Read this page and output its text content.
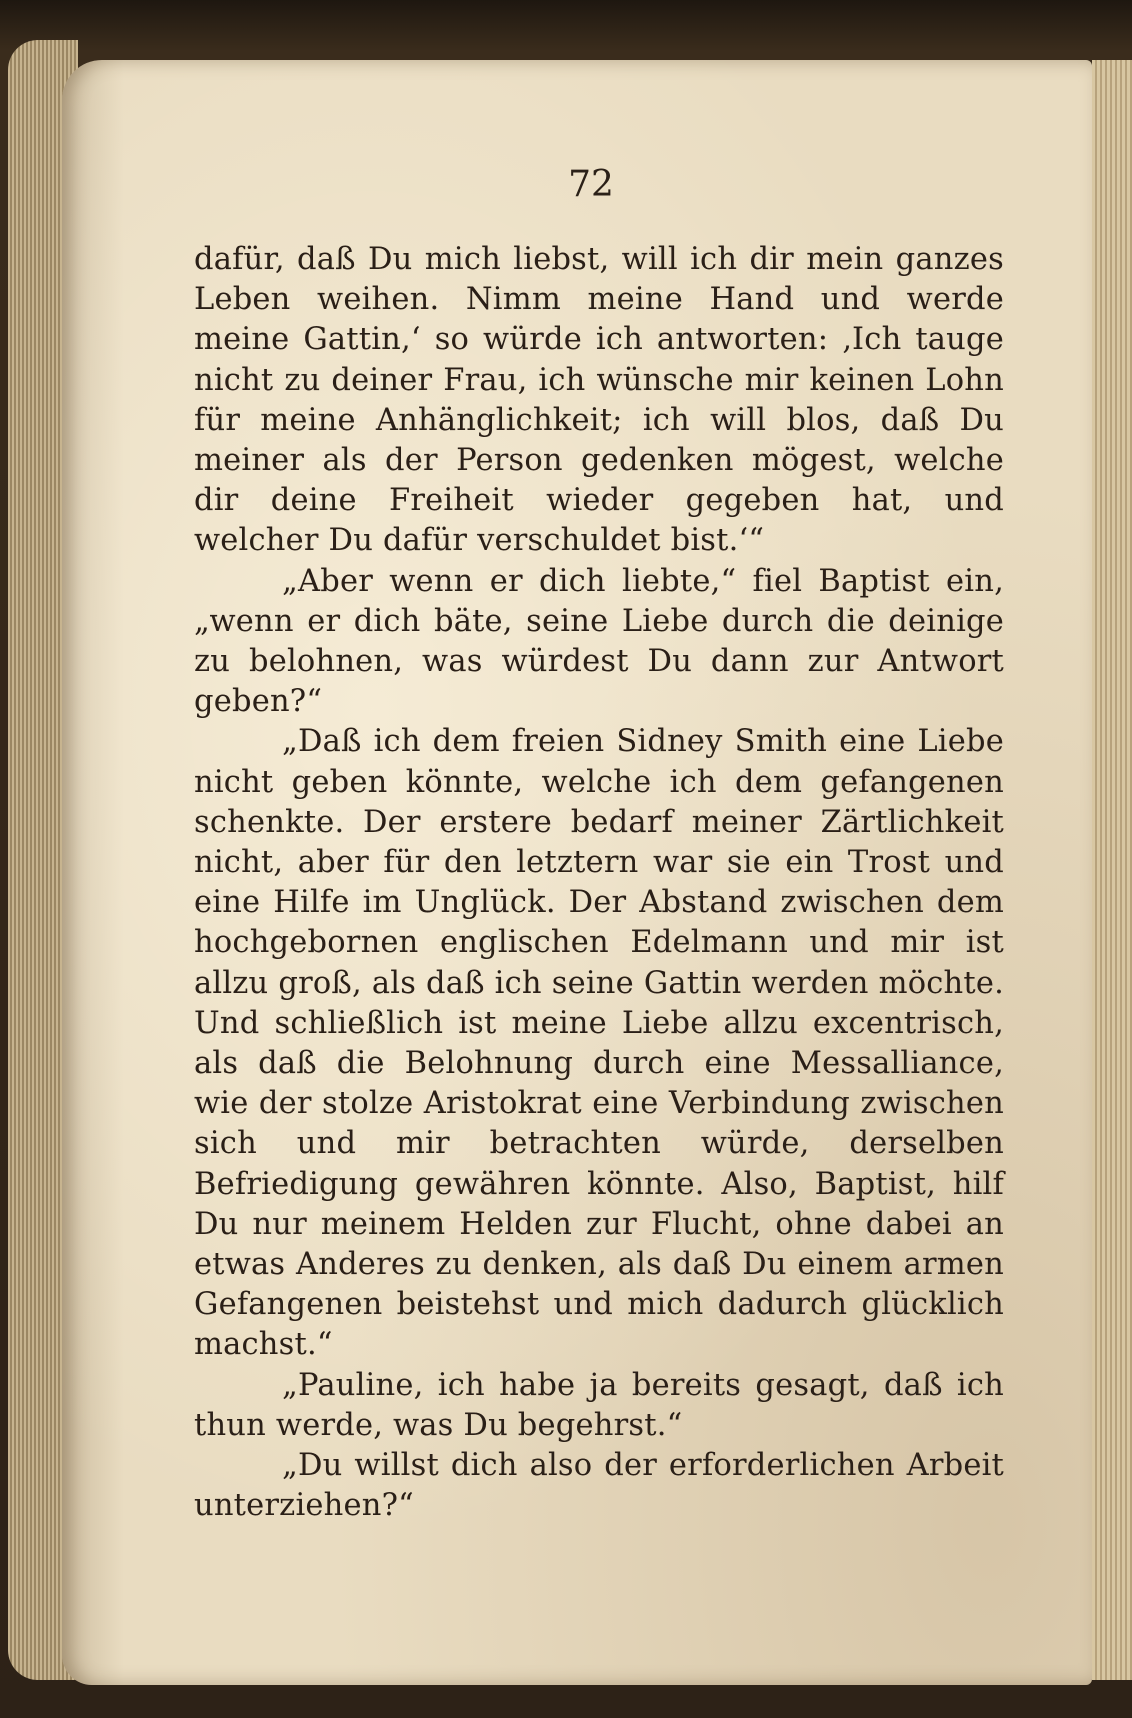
72

dafür, daß Du mich liebst, will ich dir mein ganzes Leben weihen. Nimm meine Hand und werde meine Gattin,‘ so würde ich antworten: ‚Ich tauge nicht zu deiner Frau, ich wünsche mir keinen Lohn für meine Anhänglichkeit; ich will blos, daß Du meiner als der Person gedenken mögest, welche dir deine Freiheit wieder gegeben hat, und welcher Du dafür verschuldet bist.‘“

„Aber wenn er dich liebte,“ fiel Baptist ein, „wenn er dich bäte, seine Liebe durch die deinige zu belohnen, was würdest Du dann zur Antwort geben?“

„Daß ich dem freien Sidney Smith eine Liebe nicht geben könnte, welche ich dem gefangenen schenkte. Der erstere bedarf meiner Zärtlichkeit nicht, aber für den letztern war sie ein Trost und eine Hilfe im Unglück. Der Abstand zwischen dem hochgebornen englischen Edelmann und mir ist allzu groß, als daß ich seine Gattin werden möchte. Und schließlich ist meine Liebe allzu excentrisch, als daß die Belohnung durch eine Messalliance, wie der stolze Aristokrat eine Verbindung zwischen sich und mir betrachten würde, derselben Befriedigung gewähren könnte. Also, Baptist, hilf Du nur meinem Helden zur Flucht, ohne dabei an etwas Anderes zu denken, als daß Du einem armen Gefangenen beistehst und mich dadurch glücklich machst.“

„Pauline, ich habe ja bereits gesagt, daß ich thun werde, was Du begehrst.“

„Du willst dich also der erforderlichen Arbeit unterziehen?“
